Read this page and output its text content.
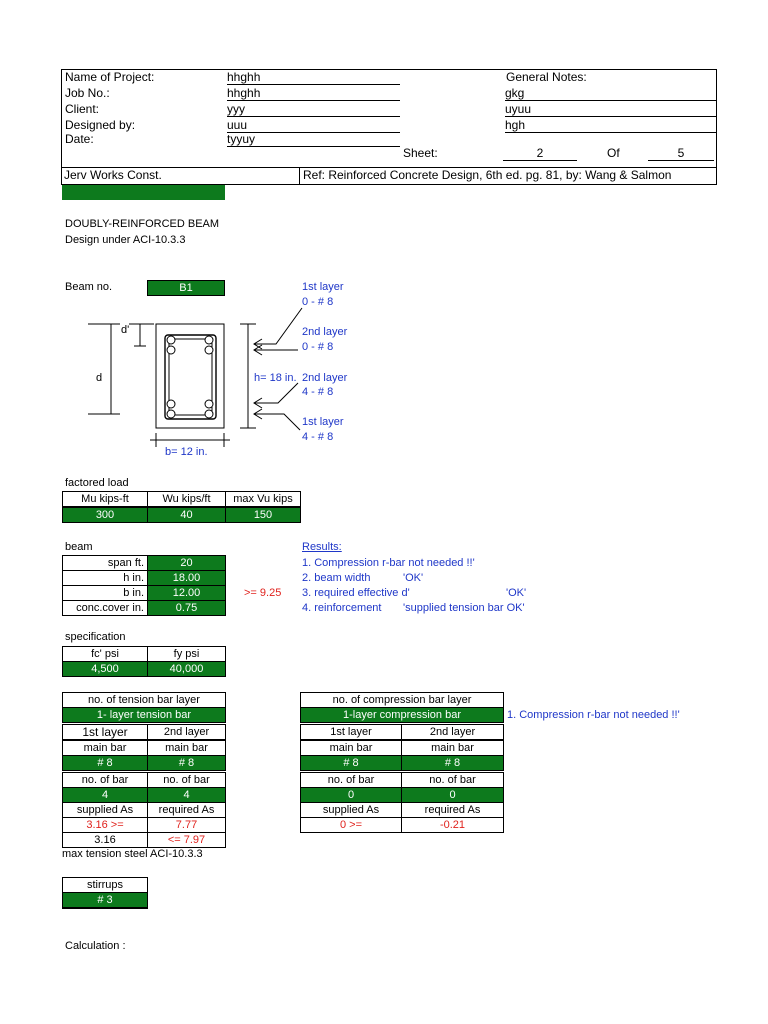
Name of Project:	hhghh
Job No.:	hhghh
Client:	yyy
Designed by:	uuu
Date:	tyyuy
General Notes:
gkg
uyuu
hgh
Sheet:	2	Of	5
Jerv Works Const.	Ref: Reinforced Concrete Design, 6th ed. pg. 81, by: Wang & Salmon
DOUBLY-REINFORCED BEAM
Design under ACI-10.3.3
Beam no.	B1
d'
d	h= 18 in.
b= 12 in.
1st layer
0 - # 8
2nd layer
0 - # 8
2nd layer
4 - # 8
1st layer
4 - # 8
factored load
Mu kips-ft	Wu kips/ft	max Vu kips
300	40	150
beam
span ft.	20
h in.	18.00
b in.	12.00
conc.cover in.	0.75
>= 9.25
Results:
1. Compression r-bar not needed !!'
2. beam width	'OK'
3. required effective d'	'OK'
4. reinforcement 'supplied tension bar OK'
specification
fc' psi	fy psi
4,500	40,000
no. of tension bar layer
1- layer tension bar
1st layer	2nd layer
main bar	main bar
# 8	# 8
no. of bar	no. of bar
4	4
supplied As	required As
3.16 >=	7.77
3.16	<= 7.97
max tension steel ACI-10.3.3
no. of compression bar layer
1-layer compression bar	1. Compression r-bar not needed !!'
1st layer	2nd layer
main bar	main bar
# 8	# 8
no. of bar	no. of bar
0	0
supplied As	required As
0 >=	-0.21
stirrups
# 3
Calculation :
